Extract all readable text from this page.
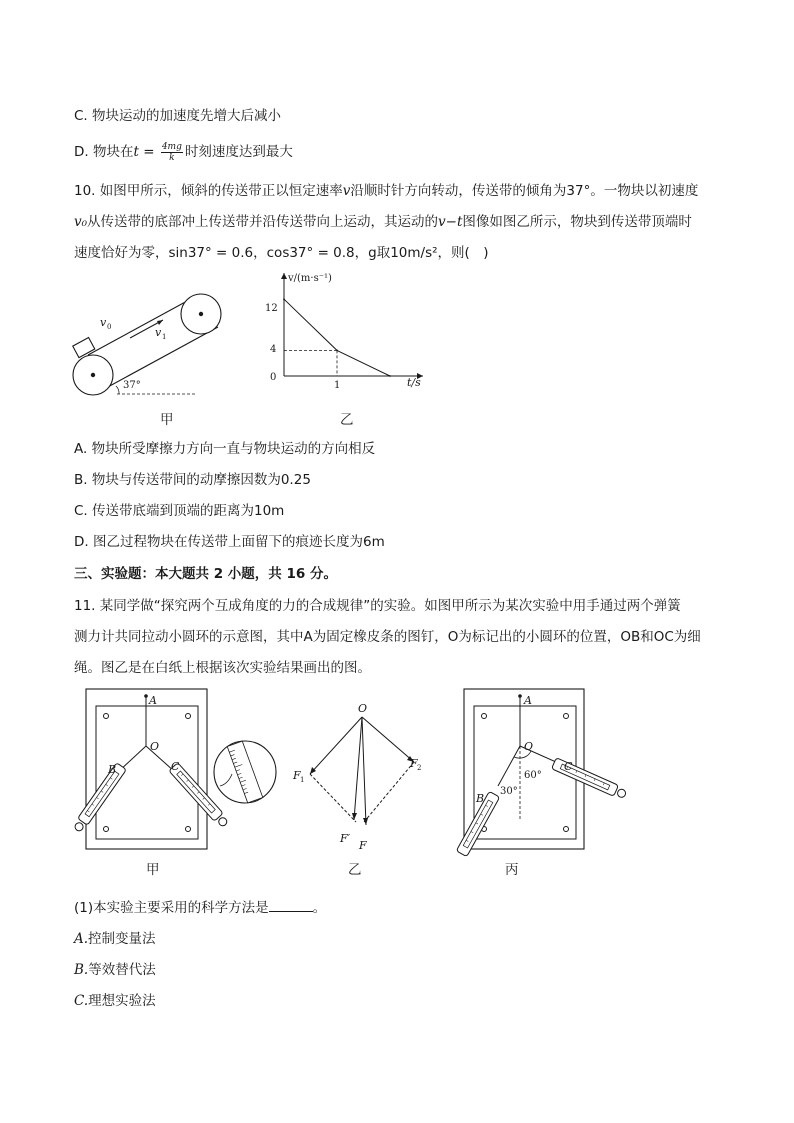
C. 物块运动的加速度先增大后减小
D. 物块在$t = \frac{4mg}{k}$ 时刻速度达到最大
10. 如图甲所示，倾斜的传送带正以恒定速率v沿顺时针方向转动，传送带的倾角为37°。一物块以初速度
v₀从传送带的底部冲上传送带并沿传送带向上运动，其运动的v−t图像如图乙所示，物块到传送带顶端时
速度恰好为零，sin37° = 0.6，cos37° = 0.8，g取10m/s²，则(　)
v 0	v 1
37°
甲
v/(m·s⁻¹)
t/s
12
4
0
1
乙
A. 物块所受摩擦力方向一直与物块运动的方向相反
B. 物块与传送带间的动摩擦因数为0.25
C. 传送带底端到顶端的距离为10m
D. 图乙过程物块在传送带上面留下的痕迹长度为6m
三、实验题：本大题共 2 小题，共 16 分。
11. 某同学做“探究两个互成角度的力的合成规律”的实验。如图甲所示为某次实验中用手通过两个弹簧
测力计共同拉动小圆环的示意图，其中A为固定橡皮条的图钉，O为标记出的小圆环的位置，OB和OC为细
绳。图乙是在白纸上根据该次实验结果画出的图。
A
O
B	C
甲
O
F 1
F 2
F′
F
乙
A
O
B
C
30°
60°
丙
(1)本实验主要采用的科学方法是	。
A.控制变量法
B.等效替代法
C.理想实验法
